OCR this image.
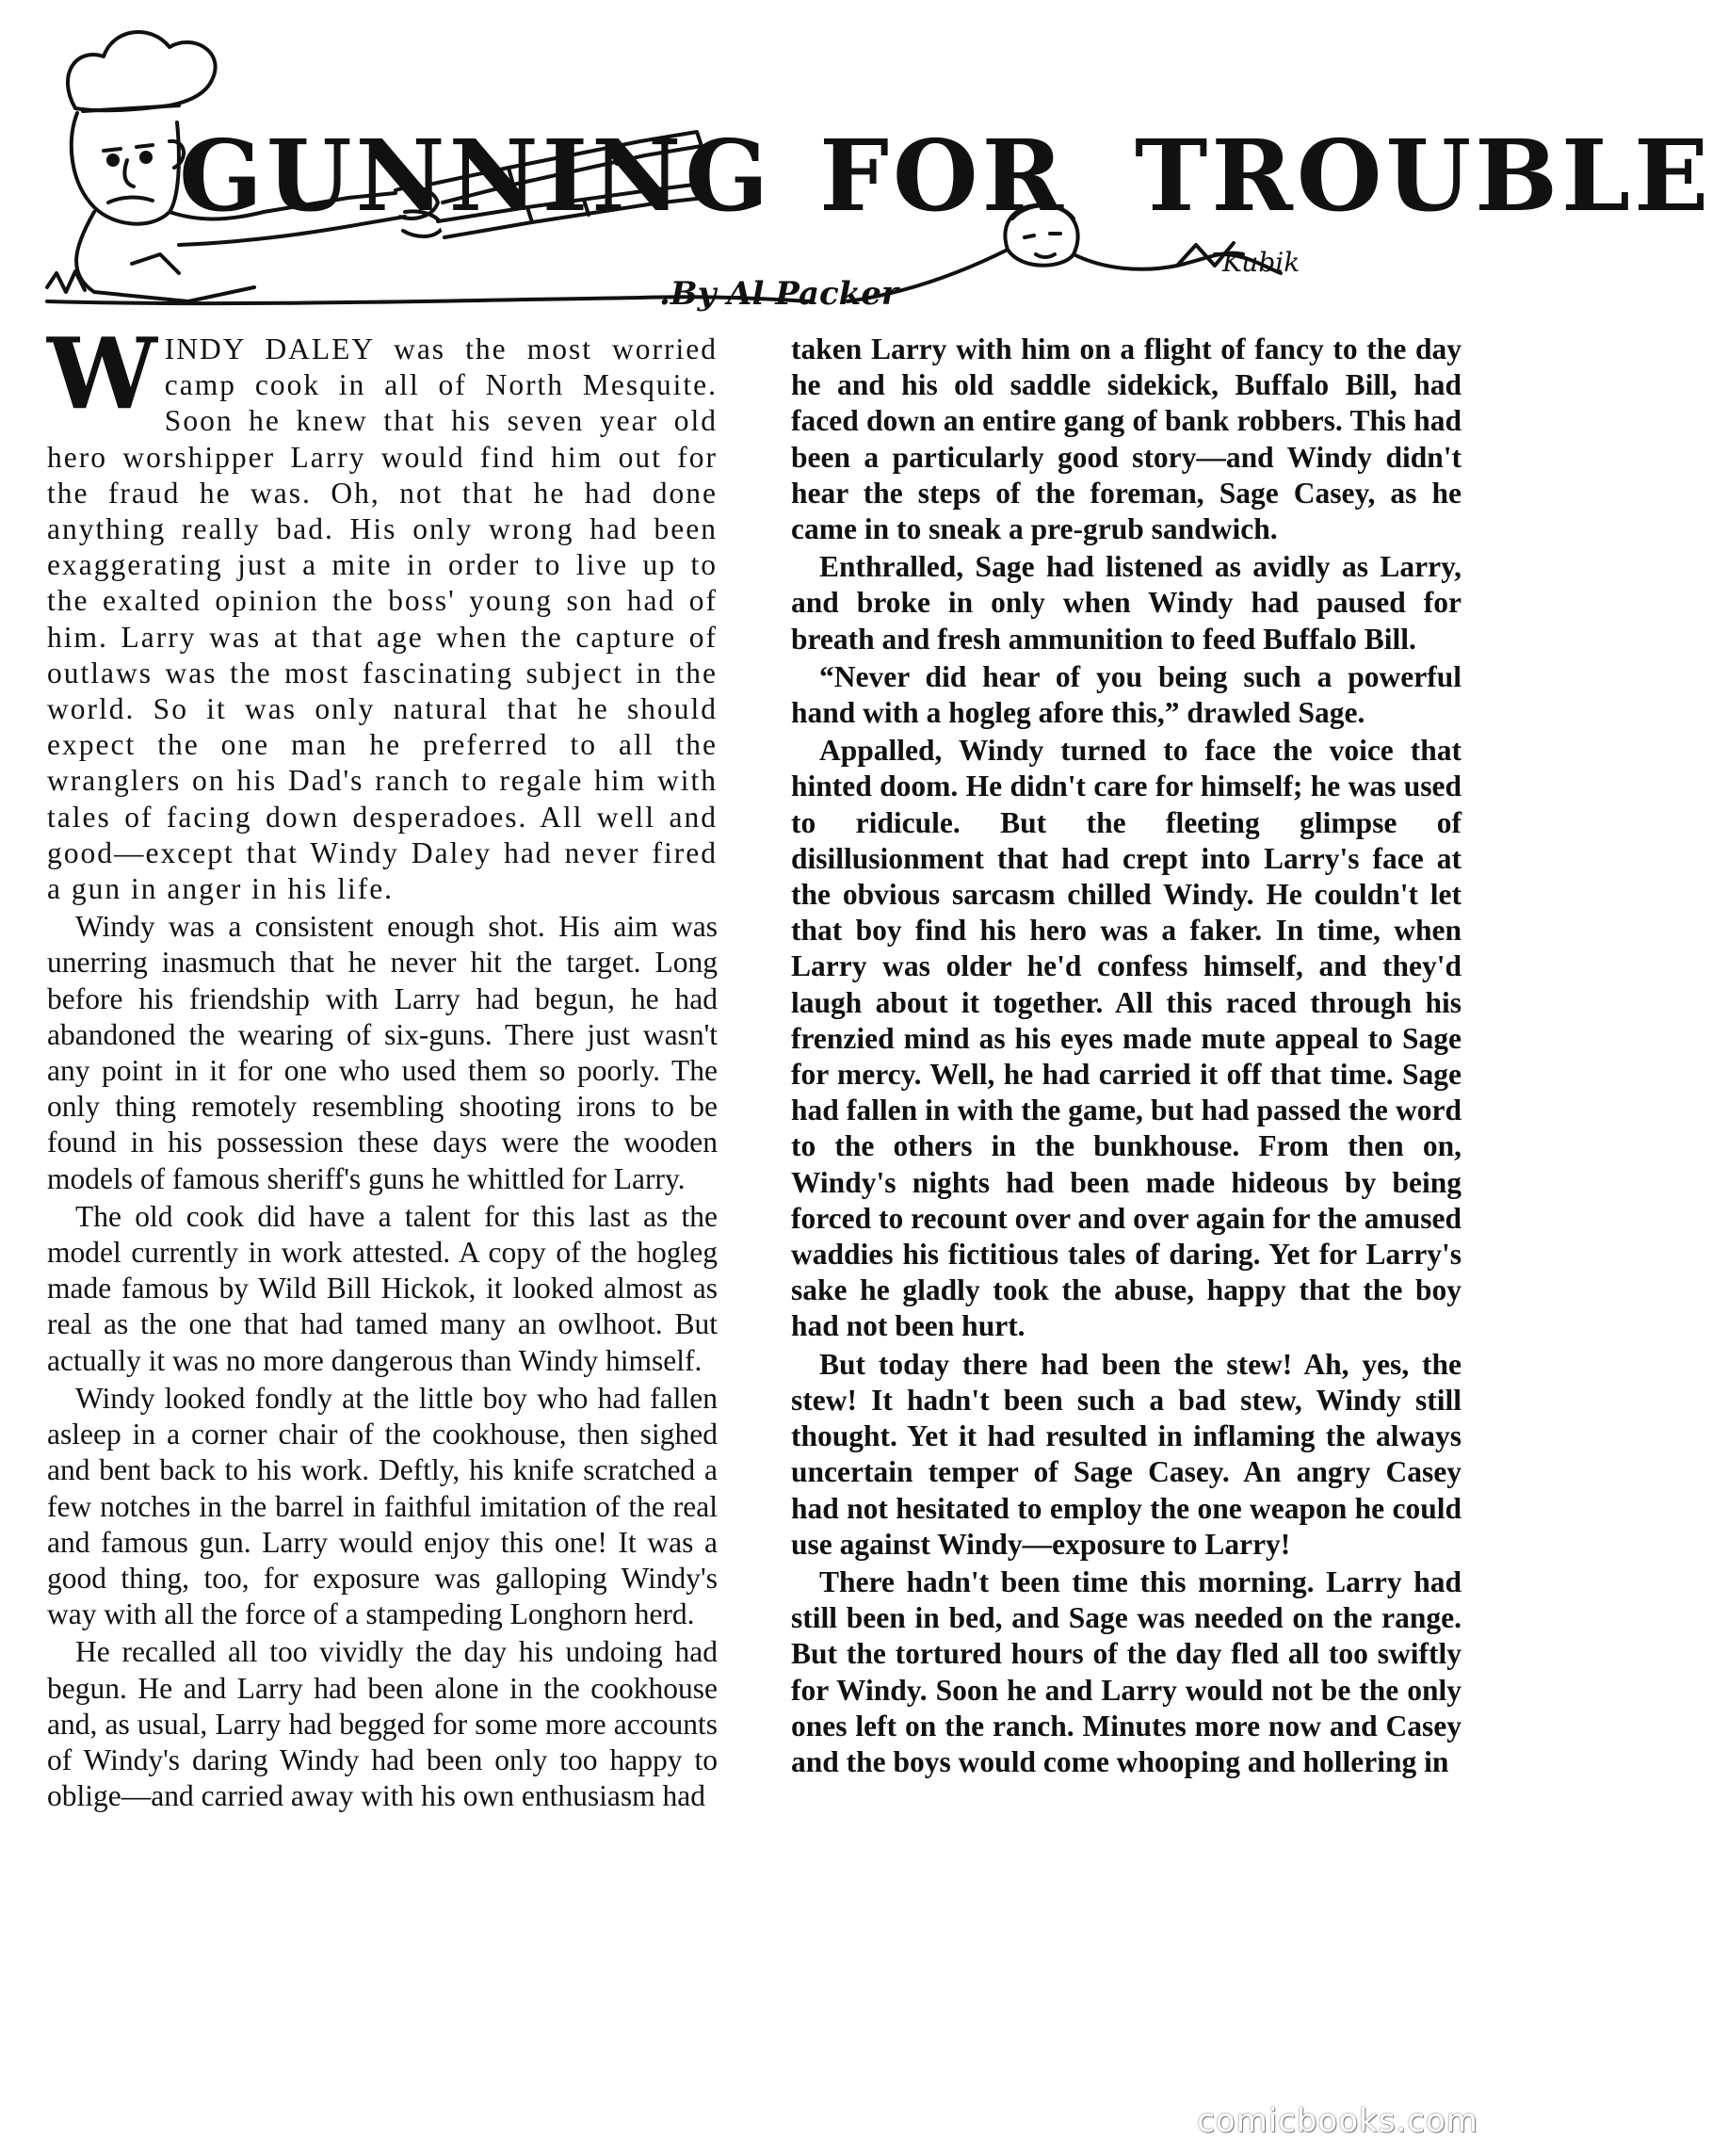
Kubik
GUNNING FOR TROUBLE
.By Al Packer

WINDY DALEY was the most worried camp cook in all of North Mesquite. Soon he knew that his seven year old hero worshipper Larry would find him out for the fraud he was. Oh, not that he had done anything really bad. His only wrong had been exaggerating just a mite in order to live up to the exalted opinion the boss' young son had of him. Larry was at that age when the capture of outlaws was the most fascinating subject in the world. So it was only natural that he should expect the one man he preferred to all the wranglers on his Dad's ranch to regale him with tales of facing down desperadoes. All well and good—except that Windy Daley had never fired a gun in anger in his life.

Windy was a consistent enough shot. His aim was unerring inasmuch that he never hit the target. Long before his friendship with Larry had begun, he had abandoned the wearing of six-guns. There just wasn't any point in it for one who used them so poorly. The only thing remotely resembling shooting irons to be found in his possession these days were the wooden models of famous sheriff's guns he whittled for Larry.

The old cook did have a talent for this last as the model currently in work attested. A copy of the hogleg made famous by Wild Bill Hickok, it looked almost as real as the one that had tamed many an owlhoot. But actually it was no more dangerous than Windy himself.

Windy looked fondly at the little boy who had fallen asleep in a corner chair of the cookhouse, then sighed and bent back to his work. Deftly, his knife scratched a few notches in the barrel in faithful imitation of the real and famous gun. Larry would enjoy this one! It was a good thing, too, for exposure was galloping Windy's way with all the force of a stampeding Longhorn herd.

He recalled all too vividly the day his undoing had begun. He and Larry had been alone in the cookhouse and, as usual, Larry had begged for some more accounts of Windy's daring Windy had been only too happy to oblige—and carried away with his own enthusiasm had

taken Larry with him on a flight of fancy to the day he and his old saddle sidekick, Buffalo Bill, had faced down an entire gang of bank robbers. This had been a particularly good story—and Windy didn't hear the steps of the foreman, Sage Casey, as he came in to sneak a pre-grub sandwich.

Enthralled, Sage had listened as avidly as Larry, and broke in only when Windy had paused for breath and fresh ammunition to feed Buffalo Bill.

“Never did hear of you being such a powerful hand with a hogleg afore this,” drawled Sage.

Appalled, Windy turned to face the voice that hinted doom. He didn't care for himself; he was used to ridicule. But the fleeting glimpse of disillusionment that had crept into Larry's face at the obvious sarcasm chilled Windy. He couldn't let that boy find his hero was a faker. In time, when Larry was older he'd confess himself, and they'd laugh about it together. All this raced through his frenzied mind as his eyes made mute appeal to Sage for mercy. Well, he had carried it off that time. Sage had fallen in with the game, but had passed the word to the others in the bunkhouse. From then on, Windy's nights had been made hideous by being forced to recount over and over again for the amused waddies his fictitious tales of daring. Yet for Larry's sake he gladly took the abuse, happy that the boy had not been hurt.

But today there had been the stew! Ah, yes, the stew! It hadn't been such a bad stew, Windy still thought. Yet it had resulted in inflaming the always uncertain temper of Sage Casey. An angry Casey had not hesitated to employ the one weapon he could use against Windy—exposure to Larry!

There hadn't been time this morning. Larry had still been in bed, and Sage was needed on the range. But the tortured hours of the day fled all too swiftly for Windy. Soon he and Larry would not be the only ones left on the ranch. Minutes more now and Casey and the boys would come whooping and hollering in

comicbooks.com
